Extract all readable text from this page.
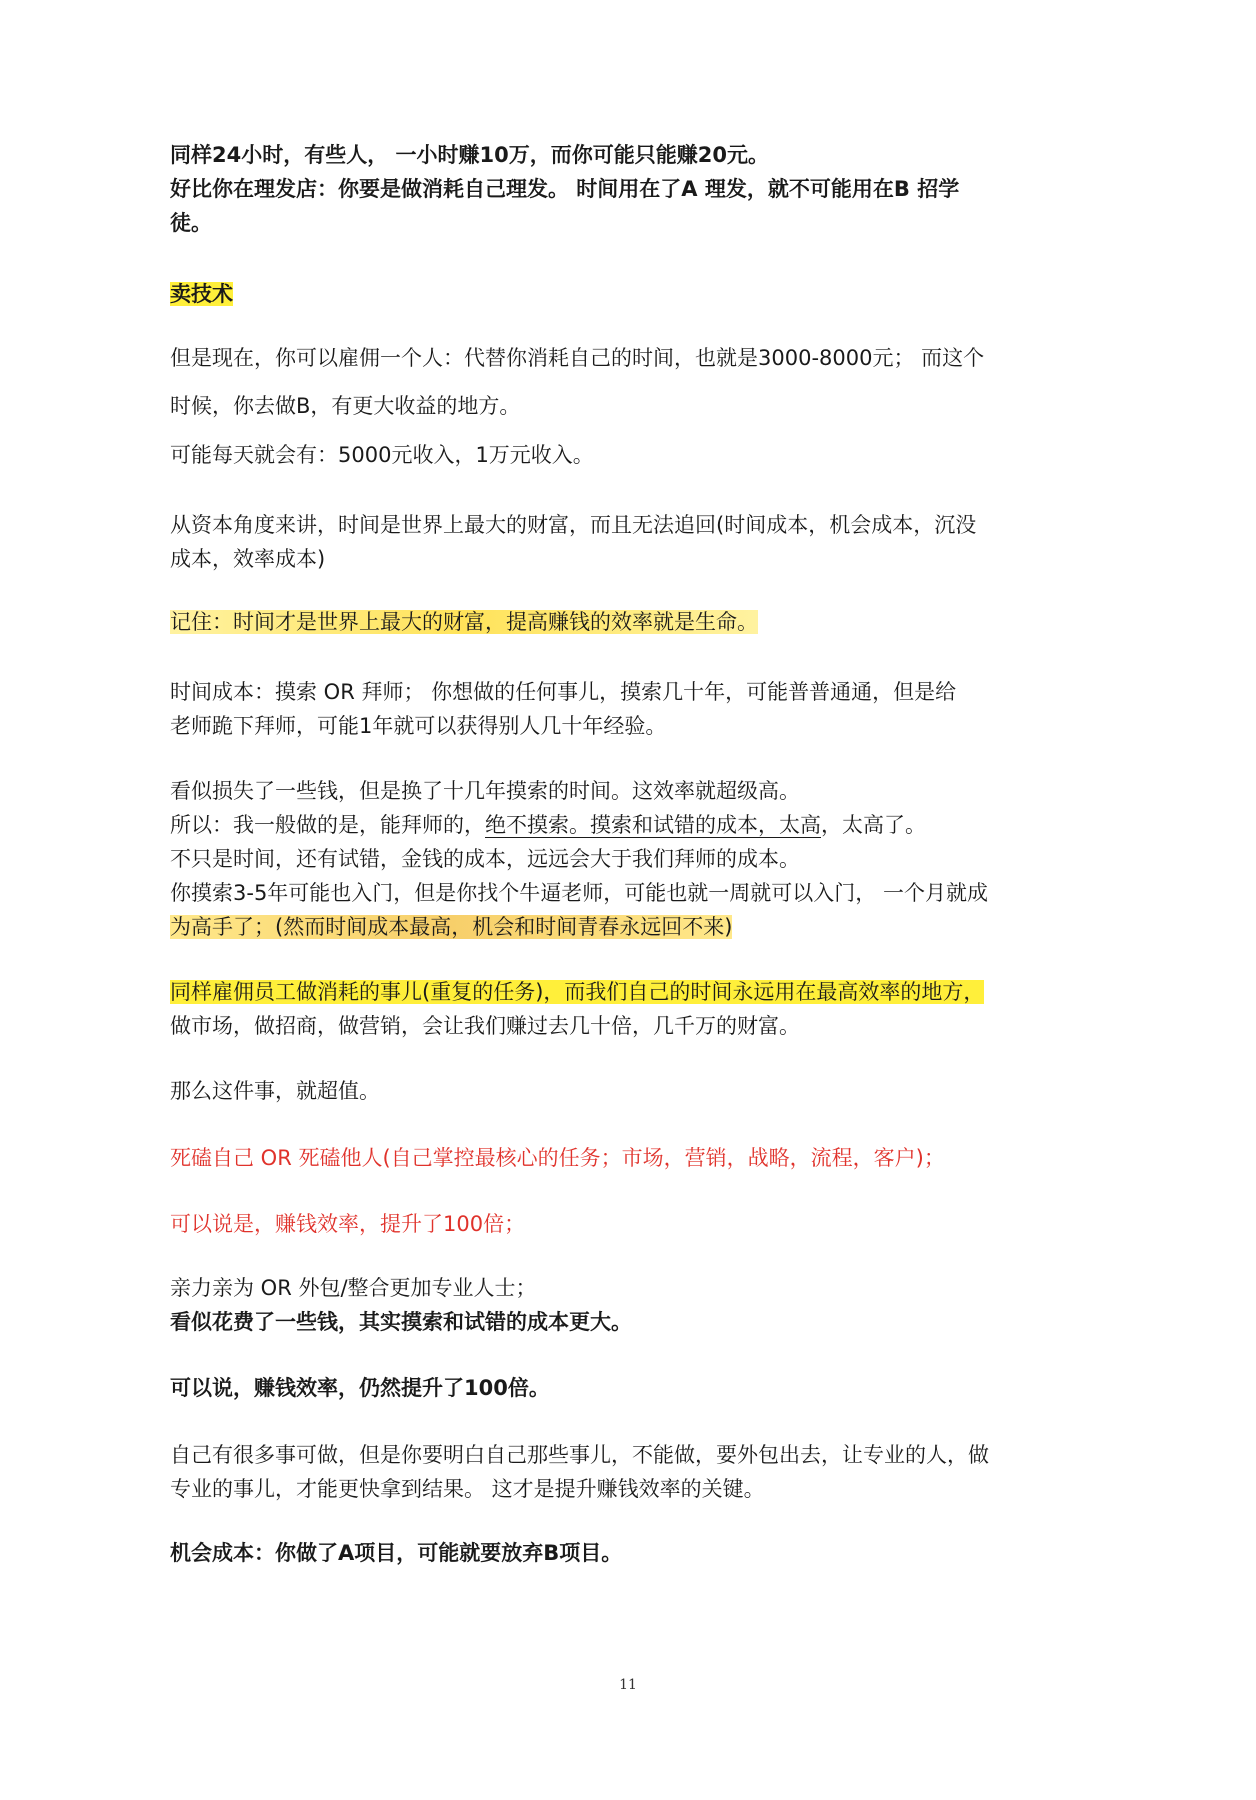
同样24小时，有些人， 一小时赚10万，而你可能只能赚20元。
好比你在理发店：你要是做消耗自己理发。 时间用在了A 理发，就不可能用在B 招学
徒。
卖技术
但是现在，你可以雇佣一个人：代替你消耗自己的时间，也就是3000-8000元； 而这个
时候，你去做B，有更大收益的地方。
可能每天就会有：5000元收入，1万元收入。
从资本角度来讲，时间是世界上最大的财富，而且无法追回(时间成本，机会成本，沉没
成本，效率成本)
记住：时间才是世界上最大的财富，提高赚钱的效率就是生命。
时间成本：摸索 OR 拜师； 你想做的任何事儿，摸索几十年，可能普普通通，但是给
老师跪下拜师，可能1年就可以获得别人几十年经验。
看似损失了一些钱，但是换了十几年摸索的时间。这效率就超级高。
所以：我一般做的是，能拜师的，绝不摸索。摸索和试错的成本，太高，太高了。
不只是时间，还有试错，金钱的成本，远远会大于我们拜师的成本。
你摸索3-5年可能也入门，但是你找个牛逼老师，可能也就一周就可以入门， 一个月就成
为高手了；(然而时间成本最高，机会和时间青春永远回不来)
同样雇佣员工做消耗的事儿(重复的任务)，而我们自己的时间永远用在最高效率的地方，
做市场，做招商，做营销，会让我们赚过去几十倍，几千万的财富。
那么这件事，就超值。
死磕自己 OR 死磕他人(自己掌控最核心的任务；市场，营销，战略，流程，客户)；
可以说是，赚钱效率，提升了100倍；
亲力亲为 OR 外包/整合更加专业人士；
看似花费了一些钱，其实摸索和试错的成本更大。
可以说，赚钱效率，仍然提升了100倍。
自己有很多事可做，但是你要明白自己那些事儿，不能做，要外包出去，让专业的人，做
专业的事儿，才能更快拿到结果。 这才是提升赚钱效率的关键。
机会成本：你做了A项目，可能就要放弃B项目。
11
